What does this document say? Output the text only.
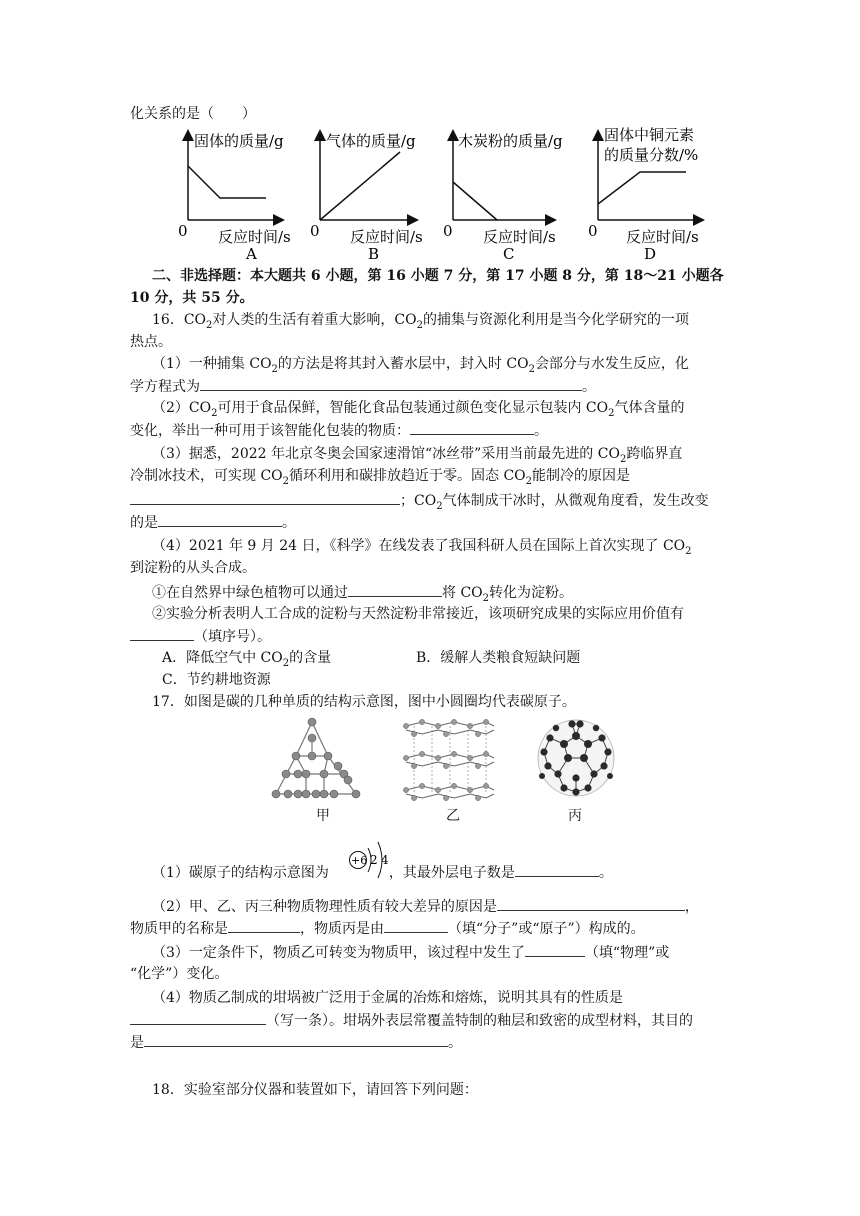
化关系的是（　　）
固体的质量/g
0 反应时间/s
A
气体的质量/g
0 反应时间/s
B
木炭粉的质量/g
0 反应时间/s
C
固体中铜元素
的质量分数/%
0 反应时间/s
D
二、非选择题：本大题共 6 小题，第 16 小题 7 分，第 17 小题 8 分，第 18～21 小题各
10 分，共 55 分。
16．$CO_2$对人类的生活有着重大影响，$CO_2$的捕集与资源化利用是当今化学研究的一项
热点。
（1）一种捕集 $CO_2$的方法是将其封入蓄水层中，封入时 $CO_2$会部分与水发生反应，化
学方程式为	。
$(2)CO_2$可用于食品保鲜，智能化食品包装通过颜色变化显示包装内 $CO_2$气体含量的
变化，举出一种可用于该智能化包装的物质：	。
（3）据悉，2022 年北京冬奥会国家速滑馆“冰丝带”采用当前最先进的 $CO_2$跨临界直
冷制冰技术，可实现 $CO_2$循环利用和碳排放趋近于零。固态 $CO_2$能制冷的原因是
；$CO_2$气体制成干冰时，从微观角度看，发生改变
的是	。
（4）2021 年 9 月 24 日，《科学》在线发表了我国科研人员在国际上首次实现了 $CO_2$
到淀粉的从头合成。
①在自然界中绿色植物可以通过	将 $CO_2$转化为淀粉。
②实验分析表明人工合成的淀粉与天然淀粉非常接近，该项研究成果的实际应用价值有
（填序号）。
A．降低空气中 $CO_2$的含量	B．缓解人类粮食短缺问题
C．节约耕地资源
17．如图是碳的几种单质的结构示意图，图中小圆圈均代表碳原子。
甲	乙	丙
（1）碳原子的结构示意图为	，其最外层电子数是	。
+6 2 4
（2）甲、乙、丙三种物质物理性质有较大差异的原因是	，
物质甲的名称是	，物质丙是由	（填“分子”或“原子”）构成的。
（3）一定条件下，物质乙可转变为物质甲，该过程中发生了	（填“物理”或
“化学”）变化。
（4）物质乙制成的坩埚被广泛用于金属的冶炼和熔炼，说明其具有的性质是
（写一条）。坩埚外表层常覆盖特制的釉层和致密的成型材料，其目的
是	。
18．实验室部分仪器和装置如下，请回答下列问题：
